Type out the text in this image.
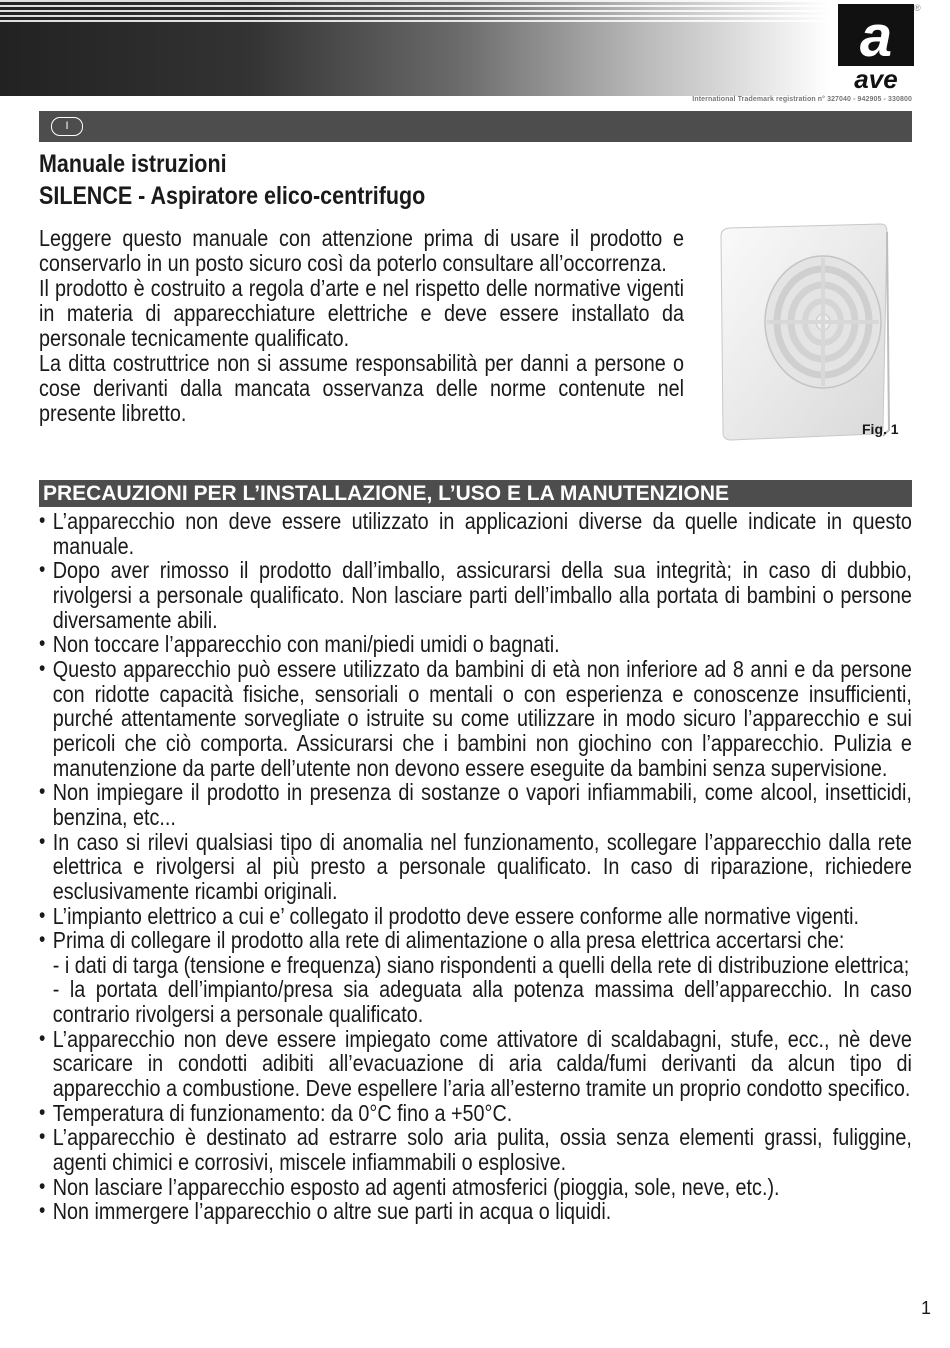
a
ave
®
International Trademark registration n° 327040 - 942905 - 330800
I
Manuale istruzioni
SILENCE - Aspiratore elico-centrifugo

Leggere questo manuale con attenzione prima di usare il prodotto e conservarlo in un posto sicuro così da poterlo consultare all’occorrenza.

Il prodotto è costruito a regola d’arte e nel rispetto delle normative vigenti in materia di apparecchiature elettriche e deve essere installato da personale tecnicamente qualificato.

La ditta costruttrice non si assume responsabilità per danni a persone o cose derivanti dalla mancata osservanza delle norme contenute nel presente libretto.

Fig. 1
PRECAUZIONI PER L’INSTALLAZIONE, L’USO E LA MANUTENZIONE
• L’apparecchio non deve essere utilizzato in applicazioni diverse da quelle indicate in questo manuale.
• Dopo aver rimosso il prodotto dall’imballo, assicurarsi della sua integrità; in caso di dubbio, rivolgersi a personale qualificato. Non lasciare parti dell’imballo alla portata di bambini o persone diversamente abili.
• Non toccare l’apparecchio con mani/piedi umidi o bagnati.
• Questo apparecchio può essere utilizzato da bambini di età non inferiore ad 8 anni e da persone con ridotte capacità fisiche, sensoriali o mentali o con esperienza e conoscenze insufficienti, purché attentamente sorvegliate o istruite su come utilizzare in modo sicuro l’apparecchio e sui pericoli che ciò comporta. Assicurarsi che i bambini non giochino con l’apparecchio. Pulizia e manutenzione da parte dell’utente non devono essere eseguite da bambini senza supervisione.
• Non impiegare il prodotto in presenza di sostanze o vapori infiammabili, come alcool, insetticidi, benzina, etc...
• In caso si rilevi qualsiasi tipo di anomalia nel funzionamento, scollegare l’apparecchio dalla rete elettrica e rivolgersi al più presto a personale qualificato. In caso di riparazione, richiedere esclusivamente ricambi originali.
• L’impianto elettrico a cui e’ collegato il prodotto deve essere conforme alle normative vigenti.
• Prima di collegare il prodotto alla rete di alimentazione o alla presa elettrica accertarsi che:
- i dati di targa (tensione e frequenza) siano rispondenti a quelli della rete di distribuzione elettrica;
- la portata dell’impianto/presa sia adeguata alla potenza massima dell’apparecchio. In caso contrario rivolgersi a personale qualificato.
• L’apparecchio non deve essere impiegato come attivatore di scaldabagni, stufe, ecc., nè deve scaricare in condotti adibiti all’evacuazione di aria calda/fumi derivanti da alcun tipo di apparecchio a combustione. Deve espellere l’aria all’esterno tramite un proprio condotto specifico.
• Temperatura di funzionamento: da 0°C fino a +50°C.
• L’apparecchio è destinato ad estrarre solo aria pulita, ossia senza elementi grassi, fuliggine, agenti chimici e corrosivi, miscele infiammabili o esplosive.
• Non lasciare l’apparecchio esposto ad agenti atmosferici (pioggia, sole, neve, etc.).
• Non immergere l’apparecchio o altre sue parti in acqua o liquidi.
1
